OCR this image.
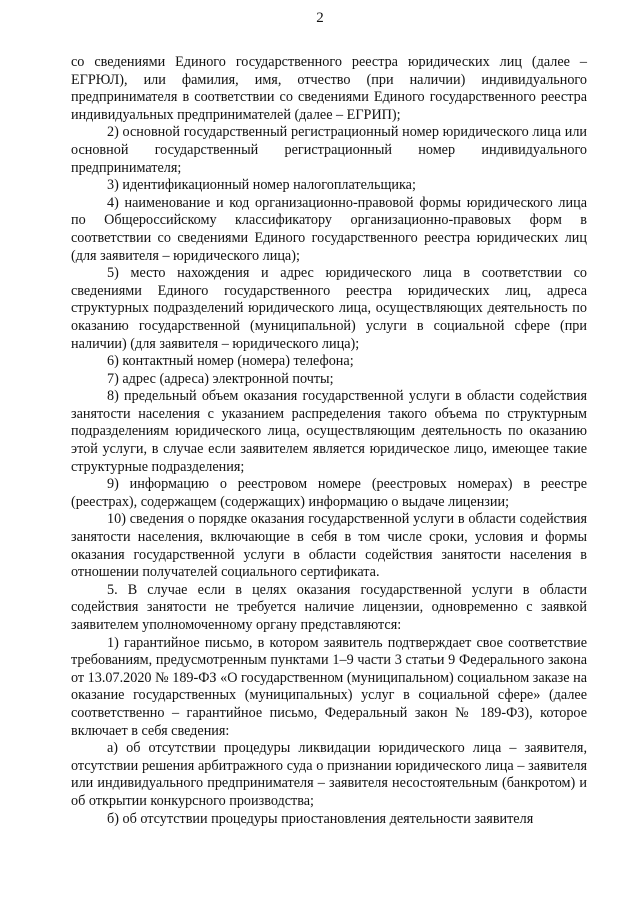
2

со сведениями Единого государственного реестра юридических лиц (далее – ЕГРЮЛ), или фамилия, имя, отчество (при наличии) индивидуального предпринимателя в соответствии со сведениями Единого государственного реестра индивидуальных предпринимателей (далее – ЕГРИП);

2) основной государственный регистрационный номер юридического лица или основной государственный регистрационный номер индивидуального предпринимателя;

3) идентификационный номер налогоплательщика;

4) наименование и код организационно-правовой формы юридического лица по Общероссийскому классификатору организационно-правовых форм в соответствии со сведениями Единого государственного реестра юридических лиц (для заявителя – юридического лица);

5) место нахождения и адрес юридического лица в соответствии со сведениями Единого государственного реестра юридических лиц, адреса структурных подразделений юридического лица, осуществляющих деятельность по оказанию государственной (муниципальной) услуги в социальной сфере (при наличии) (для заявителя – юридического лица);

6) контактный номер (номера) телефона;

7) адрес (адреса) электронной почты;

8) предельный объем оказания государственной услуги в области содействия занятости населения с указанием распределения такого объема по структурным подразделениям юридического лица, осуществляющим деятельность по оказанию этой услуги, в случае если заявителем является юридическое лицо, имеющее такие структурные подразделения;

9) информацию о реестровом номере (реестровых номерах) в реестре (реестрах), содержащем (содержащих) информацию о выдаче лицензии;

10) сведения о порядке оказания государственной услуги в области содействия занятости населения, включающие в себя в том числе сроки, условия и формы оказания государственной услуги в области содействия занятости населения в отношении получателей социального сертификата.

5. В случае если в целях оказания государственной услуги в области содействия занятости не требуется наличие лицензии, одновременно с заявкой заявителем уполномоченному органу представляются:

1) гарантийное письмо, в котором заявитель подтверждает свое соответствие требованиям, предусмотренным пунктами 1–9 части 3 статьи 9 Федерального закона от 13.07.2020 № 189-ФЗ «О государственном (муниципальном) социальном заказе на оказание государственных (муниципальных) услуг в социальной сфере» (далее соответственно – гарантийное письмо, Федеральный закон № 189-ФЗ), которое включает в себя сведения:

а) об отсутствии процедуры ликвидации юридического лица – заявителя, отсутствии решения арбитражного суда о признании юридического лица – заявителя или индивидуального предпринимателя – заявителя несостоятельным (банкротом) и об открытии конкурсного производства;

б) об отсутствии процедуры приостановления деятельности заявителя
